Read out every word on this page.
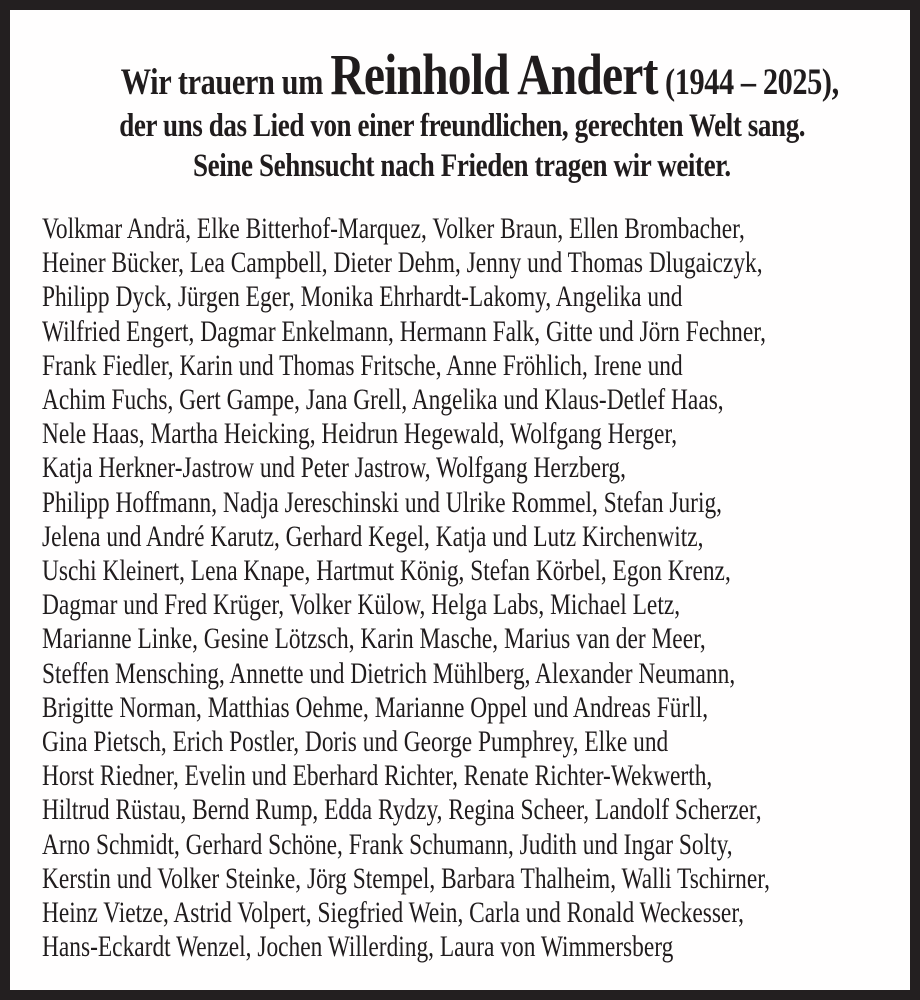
Wir trauern um Reinhold Andert (1944 – 2025),
der uns das Lied von einer freundlichen, gerechten Welt sang.
Seine Sehnsucht nach Frieden tragen wir weiter.
Volkmar Andrä, Elke Bitterhof-Marquez, Volker Braun, Ellen Brombacher,
Heiner Bücker, Lea Campbell, Dieter Dehm, Jenny und Thomas Dlugaiczyk,
Philipp Dyck, Jürgen Eger, Monika Ehrhardt-Lakomy, Angelika und
Wilfried Engert, Dagmar Enkelmann, Hermann Falk, Gitte und Jörn Fechner,
Frank Fiedler, Karin und Thomas Fritsche, Anne Fröhlich, Irene und
Achim Fuchs, Gert Gampe, Jana Grell, Angelika und Klaus-Detlef Haas,
Nele Haas, Martha Heicking, Heidrun Hegewald, Wolfgang Herger,
Katja Herkner-Jastrow und Peter Jastrow, Wolfgang Herzberg,
Philipp Hoffmann, Nadja Jereschinski und Ulrike Rommel, Stefan Jurig,
Jelena und André Karutz, Gerhard Kegel, Katja und Lutz Kirchenwitz,
Uschi Kleinert, Lena Knape, Hartmut König, Stefan Körbel, Egon Krenz,
Dagmar und Fred Krüger, Volker Külow, Helga Labs, Michael Letz,
Marianne Linke, Gesine Lötzsch, Karin Masche, Marius van der Meer,
Steffen Mensching, Annette und Dietrich Mühlberg, Alexander Neumann,
Brigitte Norman, Matthias Oehme, Marianne Oppel und Andreas Fürll,
Gina Pietsch, Erich Postler, Doris und George Pumphrey, Elke und
Horst Riedner, Evelin und Eberhard Richter, Renate Richter-Wekwerth,
Hiltrud Rüstau, Bernd Rump, Edda Rydzy, Regina Scheer, Landolf Scherzer,
Arno Schmidt, Gerhard Schöne, Frank Schumann, Judith und Ingar Solty,
Kerstin und Volker Steinke, Jörg Stempel, Barbara Thalheim, Walli Tschirner,
Heinz Vietze, Astrid Volpert, Siegfried Wein, Carla und Ronald Weckesser,
Hans-Eckardt Wenzel, Jochen Willerding, Laura von Wimmersberg
